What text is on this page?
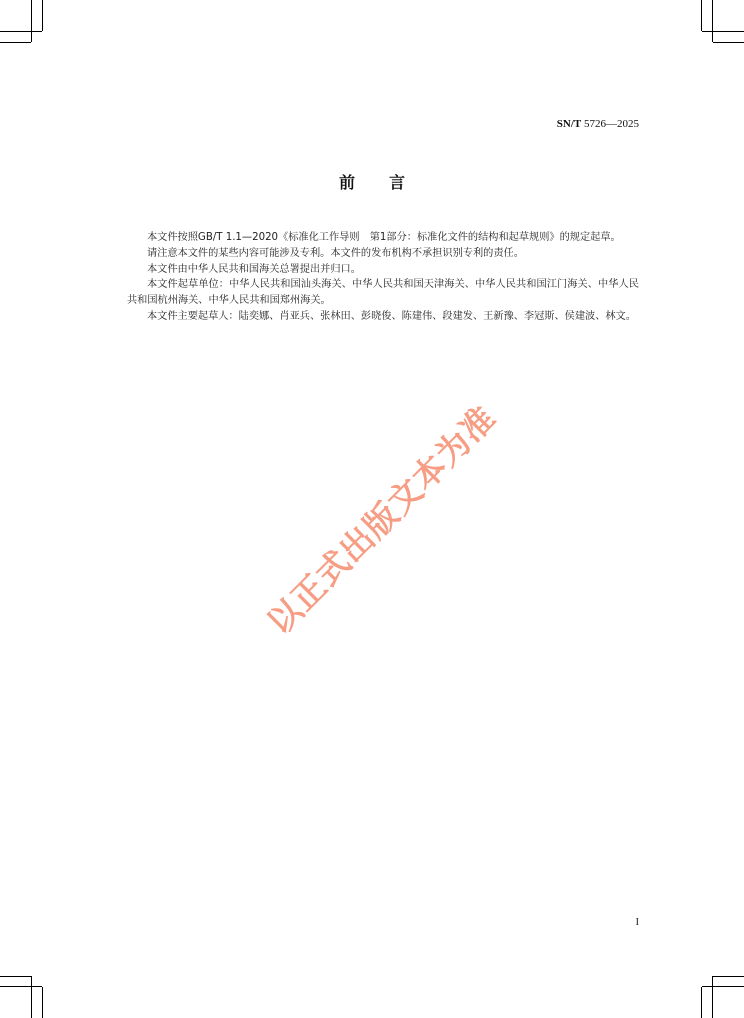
SN/T 5726—2025
前 言

本文件按照GB/T 1.1—2020《标准化工作导则　第1部分：标准化文件的结构和起草规则》的规定起草。

请注意本文件的某些内容可能涉及专利。本文件的发布机构不承担识别专利的责任。

本文件由中华人民共和国海关总署提出并归口。

本文件起草单位：中华人民共和国汕头海关、中华人民共和国天津海关、中华人民共和国江门海关、中华人民共和国杭州海关、中华人民共和国郑州海关。

本文件主要起草人：陆奕娜、肖亚兵、张林田、彭晓俊、陈建伟、段建发、王新豫、李冠斯、侯建波、林文。

以正式出版文本为准
I
